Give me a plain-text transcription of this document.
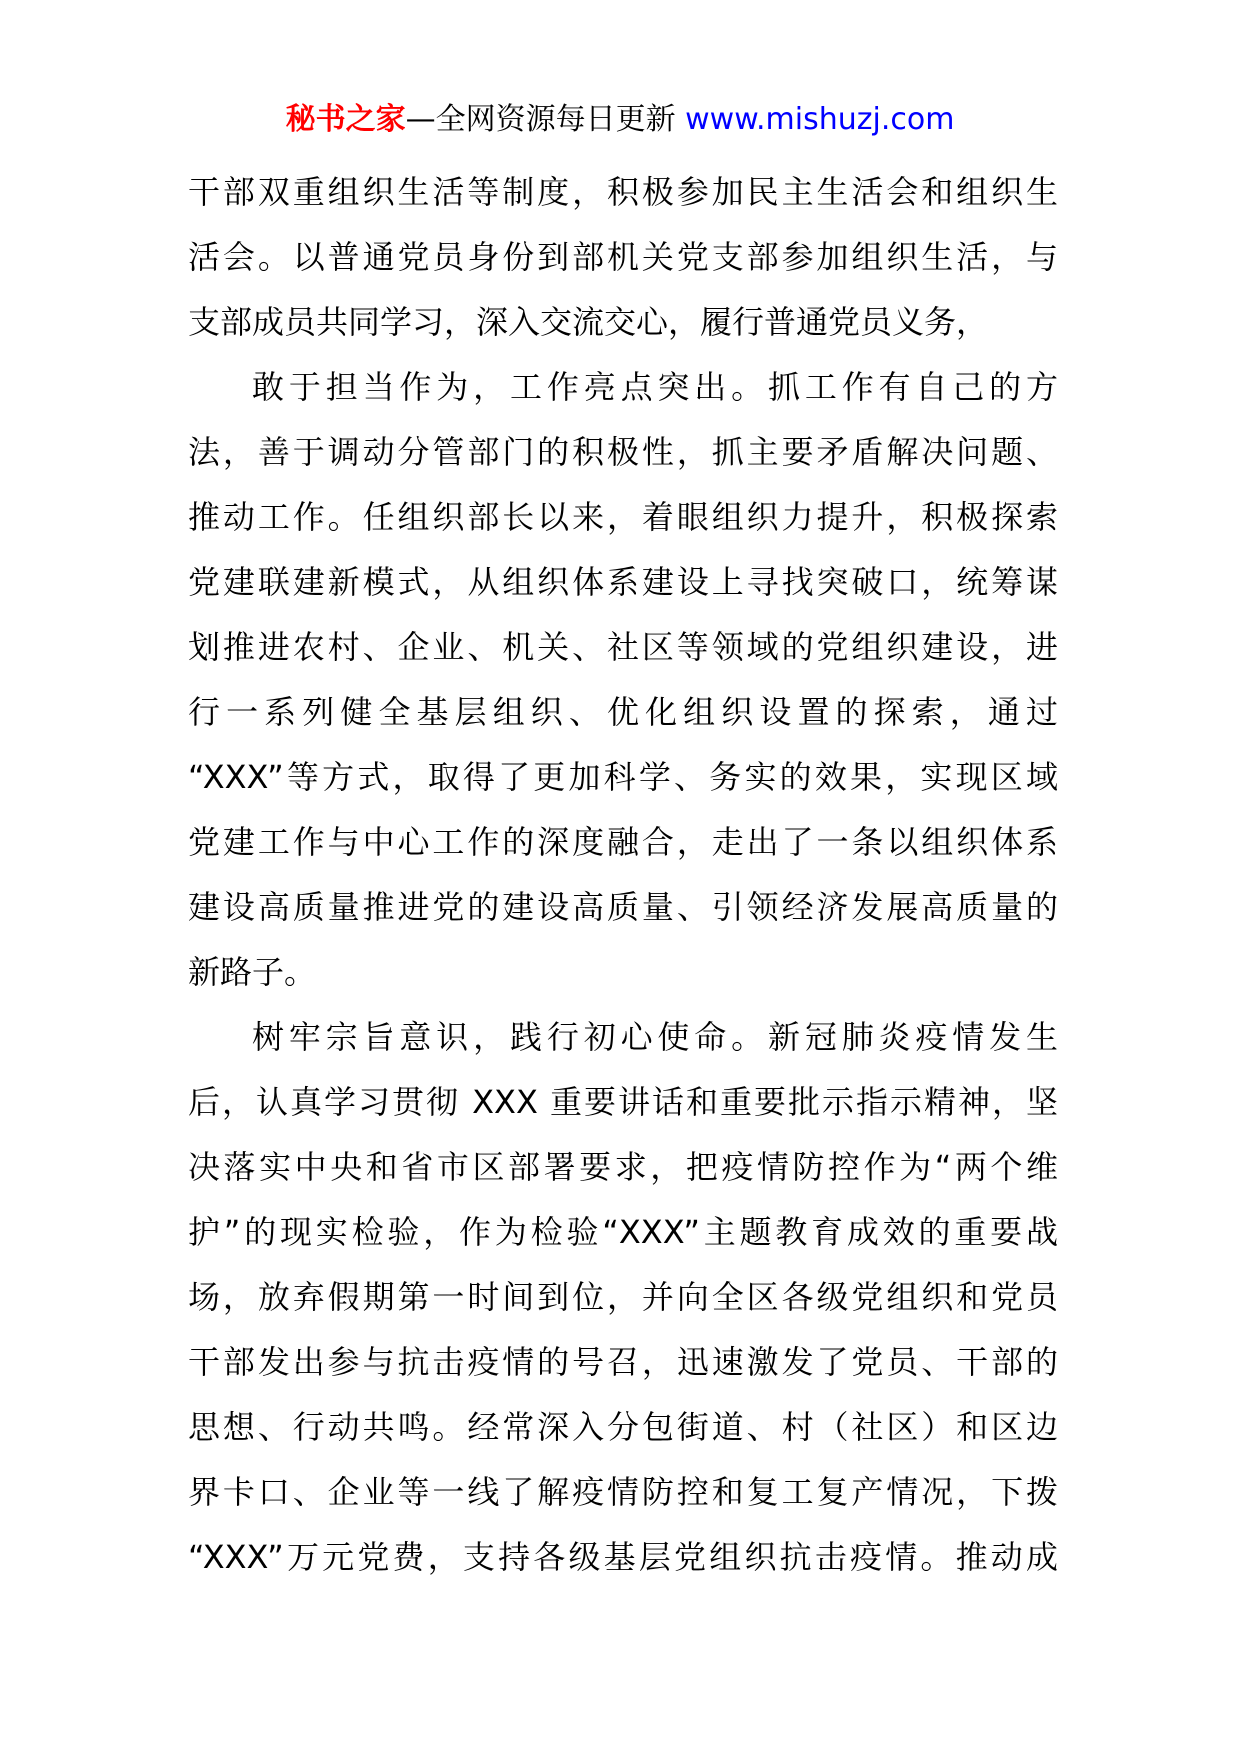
秘书之家—全网资源每日更新 www.mishuzj.com
干部双重组织生活等制度，积极参加民主生活会和组织生
活会。以普通党员身份到部机关党支部参加组织生活，与
支部成员共同学习，深入交流交心，履行普通党员义务，
敢于担当作为，工作亮点突出。抓工作有自己的方
法，善于调动分管部门的积极性，抓主要矛盾解决问题、
推动工作。任组织部长以来，着眼组织力提升，积极探索
党建联建新模式，从组织体系建设上寻找突破口，统筹谋
划推进农村、企业、机关、社区等领域的党组织建设，进
行一系列健全基层组织、优化组织设置的探索，通过
“XXX”等方式，取得了更加科学、务实的效果，实现区域
党建工作与中心工作的深度融合，走出了一条以组织体系
建设高质量推进党的建设高质量、引领经济发展高质量的
新路子。
树牢宗旨意识，践行初心使命。新冠肺炎疫情发生
后，认真学习贯彻 XXX 重要讲话和重要批示指示精神，坚
决落实中央和省市区部署要求，把疫情防控作为“两个维
护”的现实检验，作为检验“XXX”主题教育成效的重要战
场，放弃假期第一时间到位，并向全区各级党组织和党员
干部发出参与抗击疫情的号召，迅速激发了党员、干部的
思想、行动共鸣。经常深入分包街道、村（社区）和区边
界卡口、企业等一线了解疫情防控和复工复产情况，下拨
“XXX”万元党费，支持各级基层党组织抗击疫情。推动成
